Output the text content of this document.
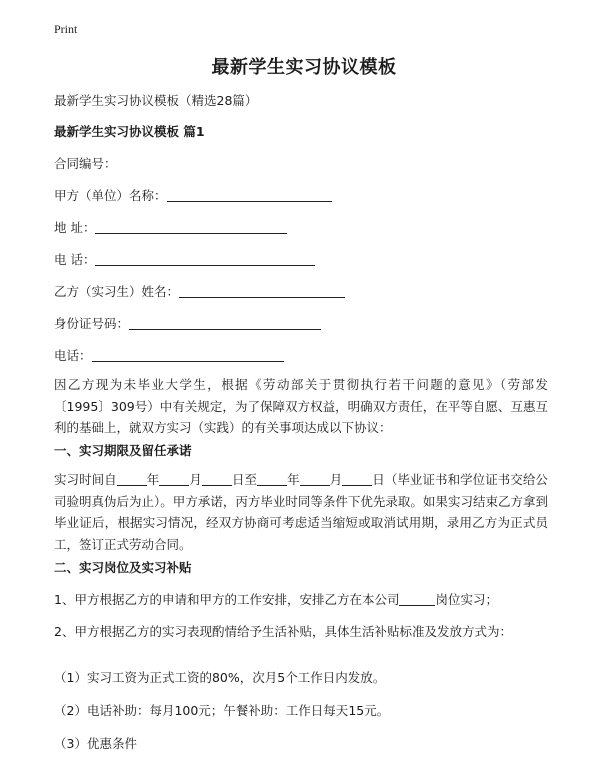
Print
最新学生实习协议模板
最新学生实习协议模板（精选28篇）
最新学生实习协议模板 篇1
合同编号：
甲方（单位）名称：
地 址：
电 话：
乙方（实习生）姓名：
身份证号码：
电话：
因乙方现为未毕业大学生，根据《劳动部关于贯彻执行若干问题的意见》（劳部发〔1995〕309号）中有关规定，为了保障双方权益，明确双方责任，在平等自愿、互惠互利的基础上，就双方实习（实践）的有关事项达成以下协议：
一、实习期限及留任承诺
实习时间自 年 月 日至 年 月 日（毕业证书和学位证书交给公司验明真伪后为止）。甲方承诺，丙方毕业时同等条件下优先录取。如果实习结束乙方拿到毕业证后，根据实习情况，经双方协商可考虑适当缩短或取消试用期，录用乙方为正式员工，签订正式劳动合同。
二、实习岗位及实习补贴
1、甲方根据乙方的申请和甲方的工作安排，安排乙方在本公司	岗位实习；
2、甲方根据乙方的实习表现酌情给予生活补贴，具体生活补贴标准及发放方式为：
（1）实习工资为正式工资的80%，次月5个工作日内发放。
（2）电话补助：每月100元；午餐补助：工作日每天15元。
（3）优惠条件
